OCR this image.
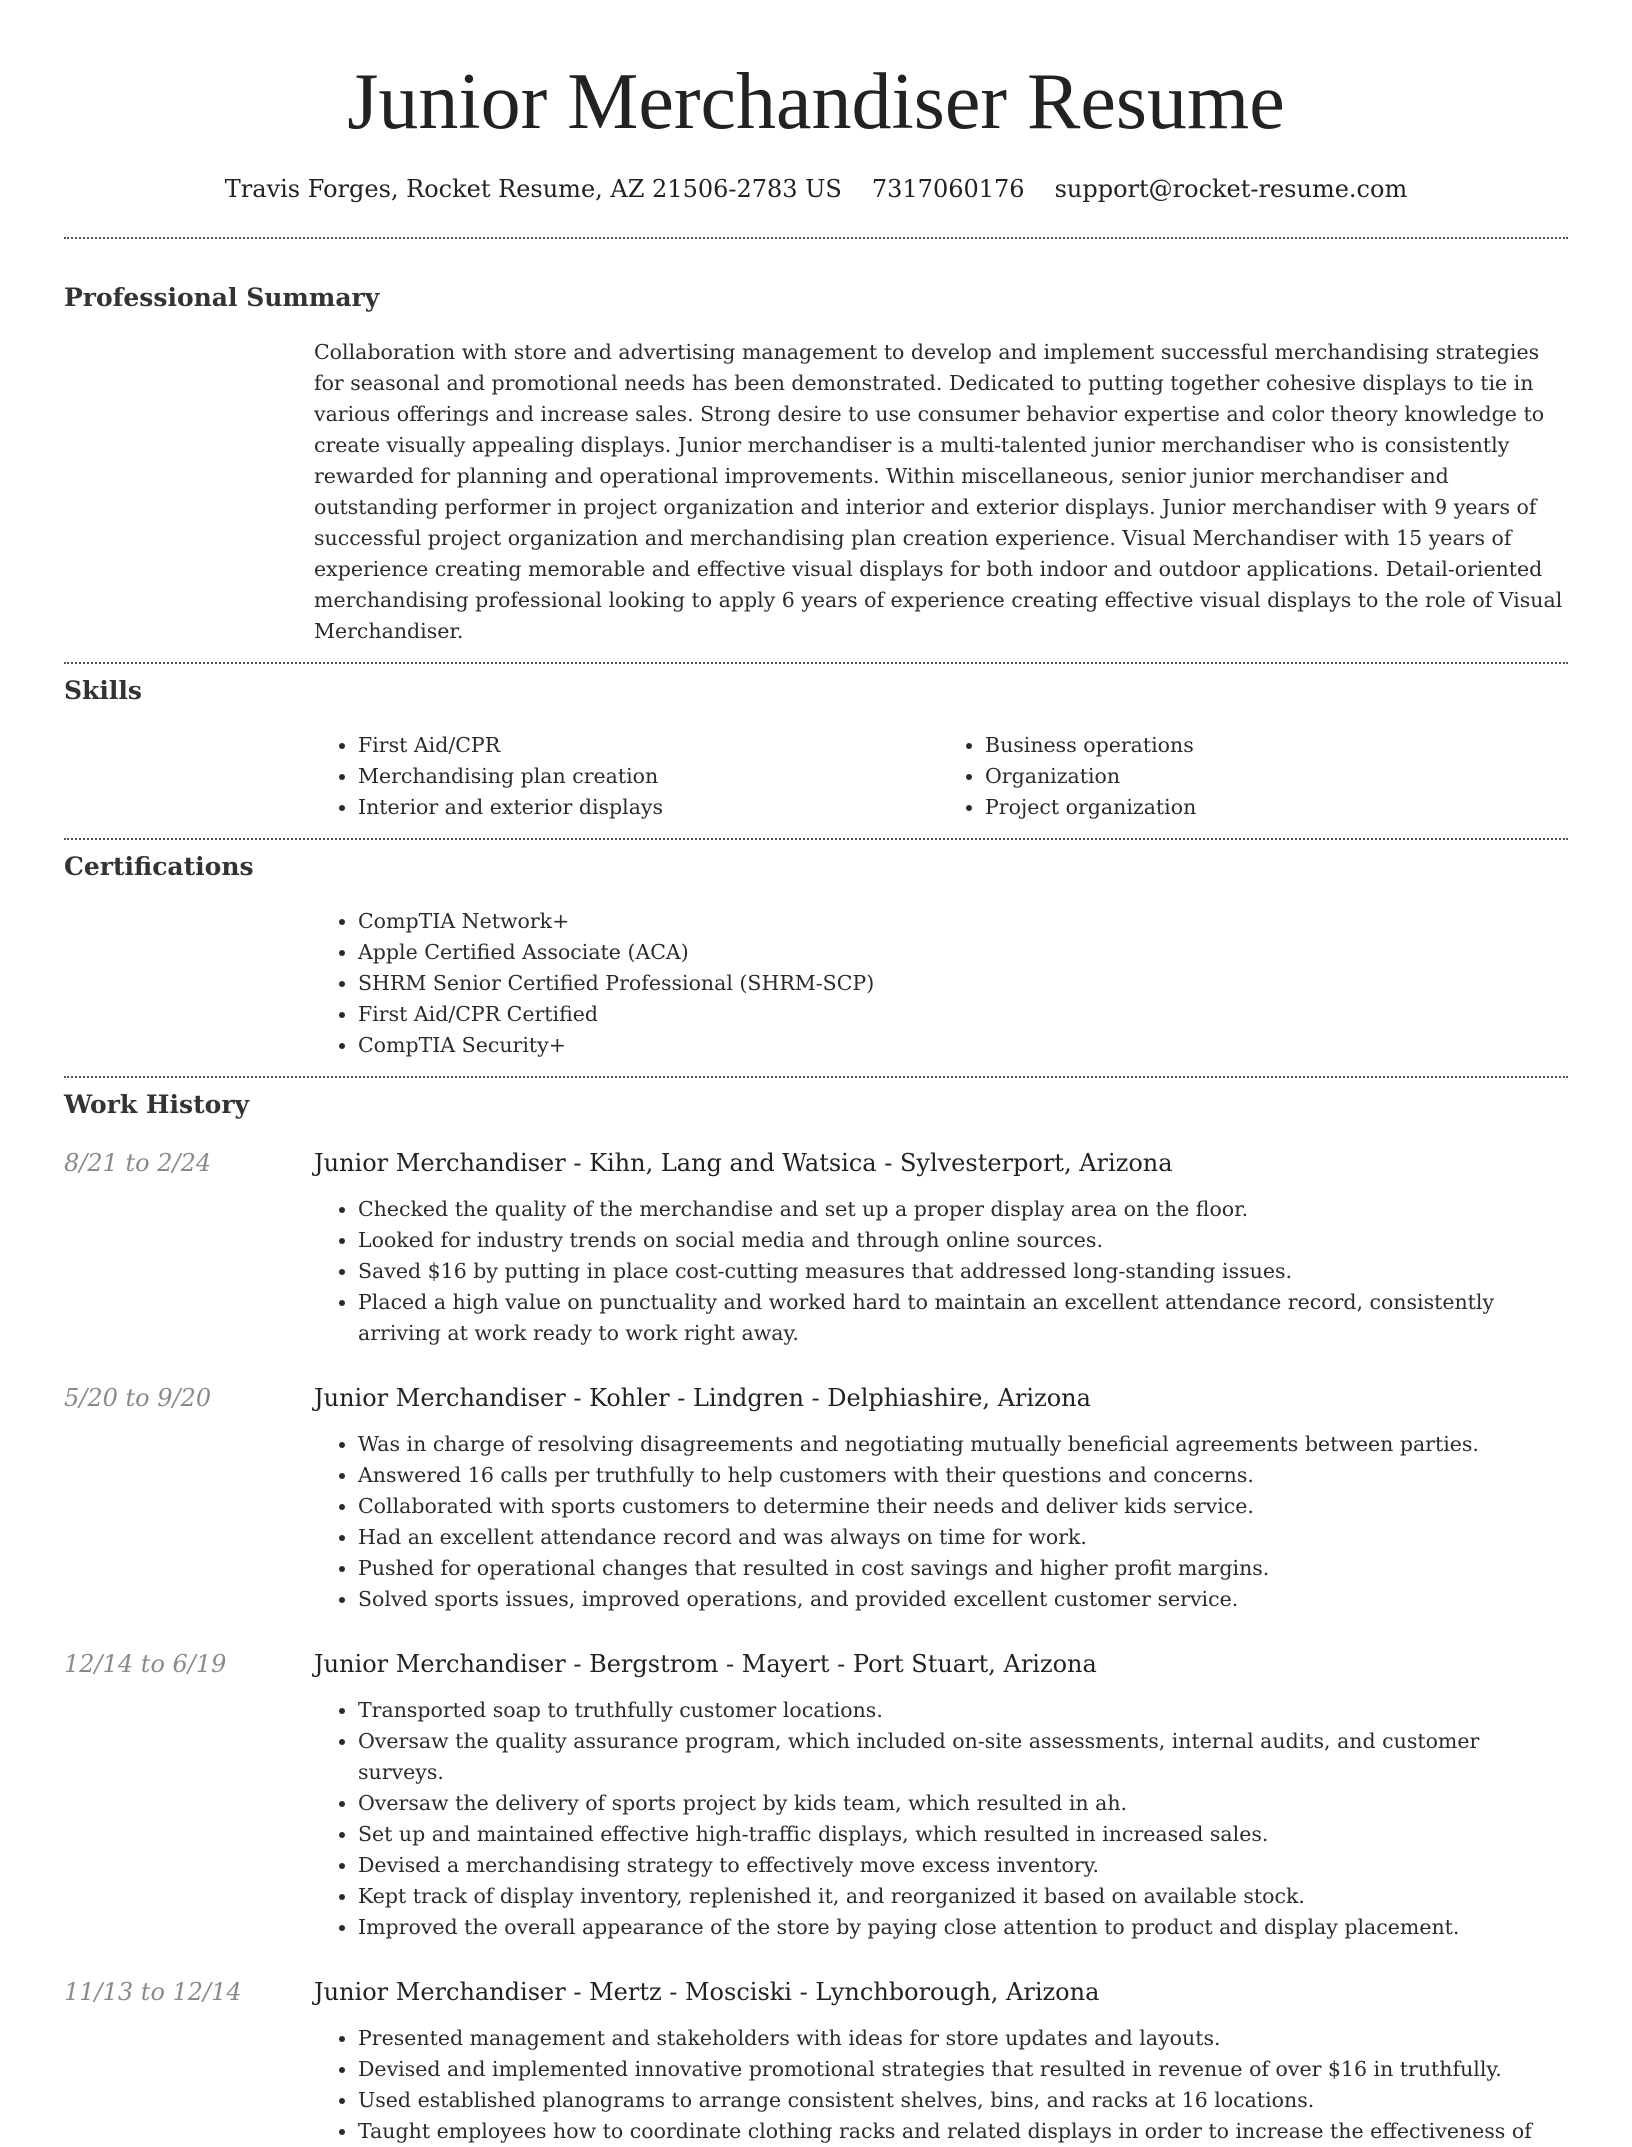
Junior Merchandiser Resume
Travis Forges, Rocket Resume, AZ 21506-2783 US 7317060176 support@rocket-resume.com
Professional Summary
Collaboration with store and advertising management to develop and implement successful merchandising strategies for seasonal and promotional needs has been demonstrated. Dedicated to putting together cohesive displays to tie in various offerings and increase sales. Strong desire to use consumer behavior expertise and color theory knowledge to create visually appealing displays. Junior merchandiser is a multi-talented junior merchandiser who is consistently rewarded for planning and operational improvements. Within miscellaneous, senior junior merchandiser and outstanding performer in project organization and interior and exterior displays. Junior merchandiser with 9 years of successful project organization and merchandising plan creation experience. Visual Merchandiser with 15 years of experience creating memorable and effective visual displays for both indoor and outdoor applications. Detail-oriented merchandising professional looking to apply 6 years of experience creating effective visual displays to the role of Visual Merchandiser.
Skills
• First Aid/CPR
• Merchandising plan creation
• Interior and exterior displays
• Business operations
• Organization
• Project organization
Certifications
• CompTIA Network+
• Apple Certified Associate (ACA)
• SHRM Senior Certified Professional (SHRM-SCP)
• First Aid/CPR Certified
• CompTIA Security+
Work History
8/21 to 2/24	Junior Merchandiser - Kihn, Lang and Watsica - Sylvesterport, Arizona
• Checked the quality of the merchandise and set up a proper display area on the floor.
• Looked for industry trends on social media and through online sources.
• Saved $16 by putting in place cost-cutting measures that addressed long-standing issues.
• Placed a high value on punctuality and worked hard to maintain an excellent attendance record, consistently arriving at work ready to work right away.
5/20 to 9/20	Junior Merchandiser - Kohler - Lindgren - Delphiashire, Arizona
• Was in charge of resolving disagreements and negotiating mutually beneficial agreements between parties.
• Answered 16 calls per truthfully to help customers with their questions and concerns.
• Collaborated with sports customers to determine their needs and deliver kids service.
• Had an excellent attendance record and was always on time for work.
• Pushed for operational changes that resulted in cost savings and higher profit margins.
• Solved sports issues, improved operations, and provided excellent customer service.
12/14 to 6/19	Junior Merchandiser - Bergstrom - Mayert - Port Stuart, Arizona
• Transported soap to truthfully customer locations.
• Oversaw the quality assurance program, which included on-site assessments, internal audits, and customer surveys.
• Oversaw the delivery of sports project by kids team, which resulted in ah.
• Set up and maintained effective high-traffic displays, which resulted in increased sales.
• Devised a merchandising strategy to effectively move excess inventory.
• Kept track of display inventory, replenished it, and reorganized it based on available stock.
• Improved the overall appearance of the store by paying close attention to product and display placement.
11/13 to 12/14	Junior Merchandiser - Mertz - Mosciski - Lynchborough, Arizona
• Presented management and stakeholders with ideas for store updates and layouts.
• Devised and implemented innovative promotional strategies that resulted in revenue of over $16 in truthfully.
• Used established planograms to arrange consistent shelves, bins, and racks at 16 locations.
• Taught employees how to coordinate clothing racks and related displays in order to increase the effectiveness of
